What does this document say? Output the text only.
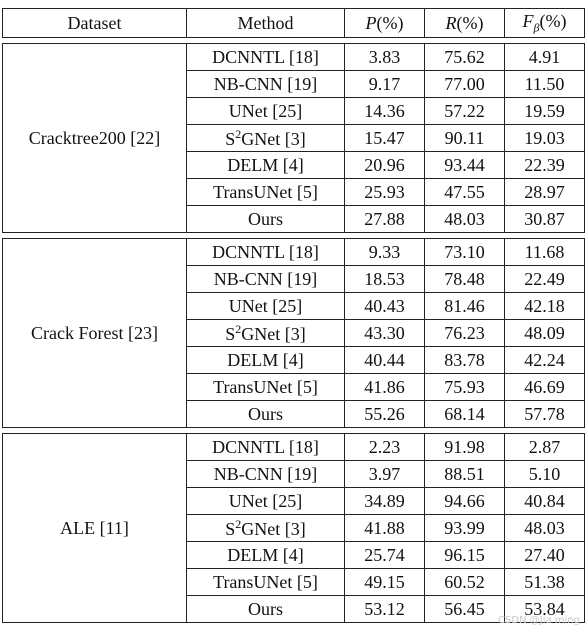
Dataset	Method	P(%)	R(%)	$F_\beta(\%)$

Cracktree200 [22]	DCNNTL [18]	3.83	75.62	4.91
	NB-CNN [19]	9.17	77.00	11.50
	UNet [25]	14.36	57.22	19.59
	$S^2GNet$ [3]	15.47	90.11	19.03
	DELM [4]	20.96	93.44	22.39
	TransUNet [5]	25.93	47.55	28.97
	Ours	27.88	48.03	30.87

Crack Forest [23]	DCNNTL [18]	9.33	73.10	11.68
	NB-CNN [19]	18.53	78.48	22.49
	UNet [25]	40.43	81.46	42.18
	$S^2GNet$ [3]	43.30	76.23	48.09
	DELM [4]	40.44	83.78	42.24
	TransUNet [5]	41.86	75.93	46.69
	Ours	55.26	68.14	57.78

ALE [11]	DCNNTL [18]	2.23	91.98	2.87
	NB-CNN [19]	3.97	88.51	5.10
	UNet [25]	34.89	94.66	40.84
	$S^2GNet$ [3]	41.88	93.99	48.03
	DELM [4]	25.74	96.15	27.40
	TransUNet [5]	49.15	60.52	51.38
	Ours	53.12	56.45	53.84
CSDN @Jia ming
